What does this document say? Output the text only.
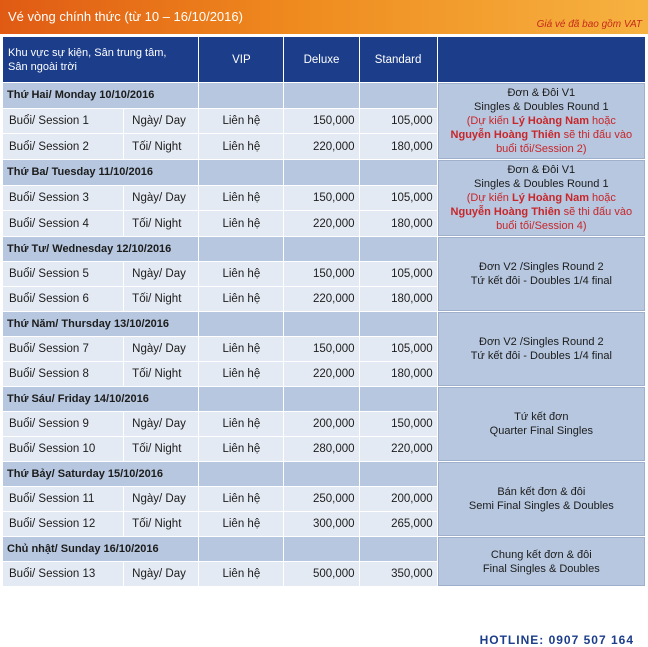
Vé vòng chính thức (từ 10 – 16/10/2016)
Giá vé đã bao gồm VAT
Khu vực sự kiện, Sân trung tâm,
Sân ngoài trời		VIP	Deluxe	Standard	
Thứ Hai/ Monday 10/10/2016					Đơn & Đôi V1
Singles & Doubles Round 1
(Dự kiến Lý Hoàng Nam hoặc
Nguyễn Hoàng Thiên sẽ thi đấu vào
buổi tối/Session 2)
Buổi/ Session 1	Ngày/ Day	Liên hệ	150,000	105,000	
Buổi/ Session 2	Tối/ Night	Liên hệ	220,000	180,000	
Thứ Ba/ Tuesday 11/10/2016					Đơn & Đôi V1
Singles & Doubles Round 1
(Dự kiến Lý Hoàng Nam hoặc
Nguyễn Hoàng Thiên sẽ thi đấu vào
buổi tối/Session 4)
Buổi/ Session 3	Ngày/ Day	Liên hệ	150,000	105,000	
Buổi/ Session 4	Tối/ Night	Liên hệ	220,000	180,000	
Thứ Tư/ Wednesday 12/10/2016					Đơn V2 /Singles Round 2
Tứ kết đôi - Doubles 1/4 final
Buổi/ Session 5	Ngày/ Day	Liên hệ	150,000	105,000	
Buổi/ Session 6	Tối/ Night	Liên hệ	220,000	180,000	
Thứ Năm/ Thursday 13/10/2016					Đơn V2 /Singles Round 2
Tứ kết đôi - Doubles 1/4 final
Buổi/ Session 7	Ngày/ Day	Liên hệ	150,000	105,000	
Buổi/ Session 8	Tối/ Night	Liên hệ	220,000	180,000	
Thứ Sáu/ Friday 14/10/2016					Tứ kết đơn
Quarter Final Singles
Buổi/ Session 9	Ngày/ Day	Liên hệ	200,000	150,000	
Buổi/ Session 10	Tối/ Night	Liên hệ	280,000	220,000	
Thứ Bảy/ Saturday 15/10/2016					Bán kết đơn & đôi
Semi Final Singles & Doubles
Buổi/ Session 11	Ngày/ Day	Liên hệ	250,000	200,000	
Buổi/ Session 12	Tối/ Night	Liên hệ	300,000	265,000	
Chủ nhật/ Sunday 16/10/2016					Chung kết đơn & đôi
Final Singles & Doubles
Buổi/ Session 13	Ngày/ Day	Liên hệ	500,000	350,000	
HOTLINE: 0907 507 164
